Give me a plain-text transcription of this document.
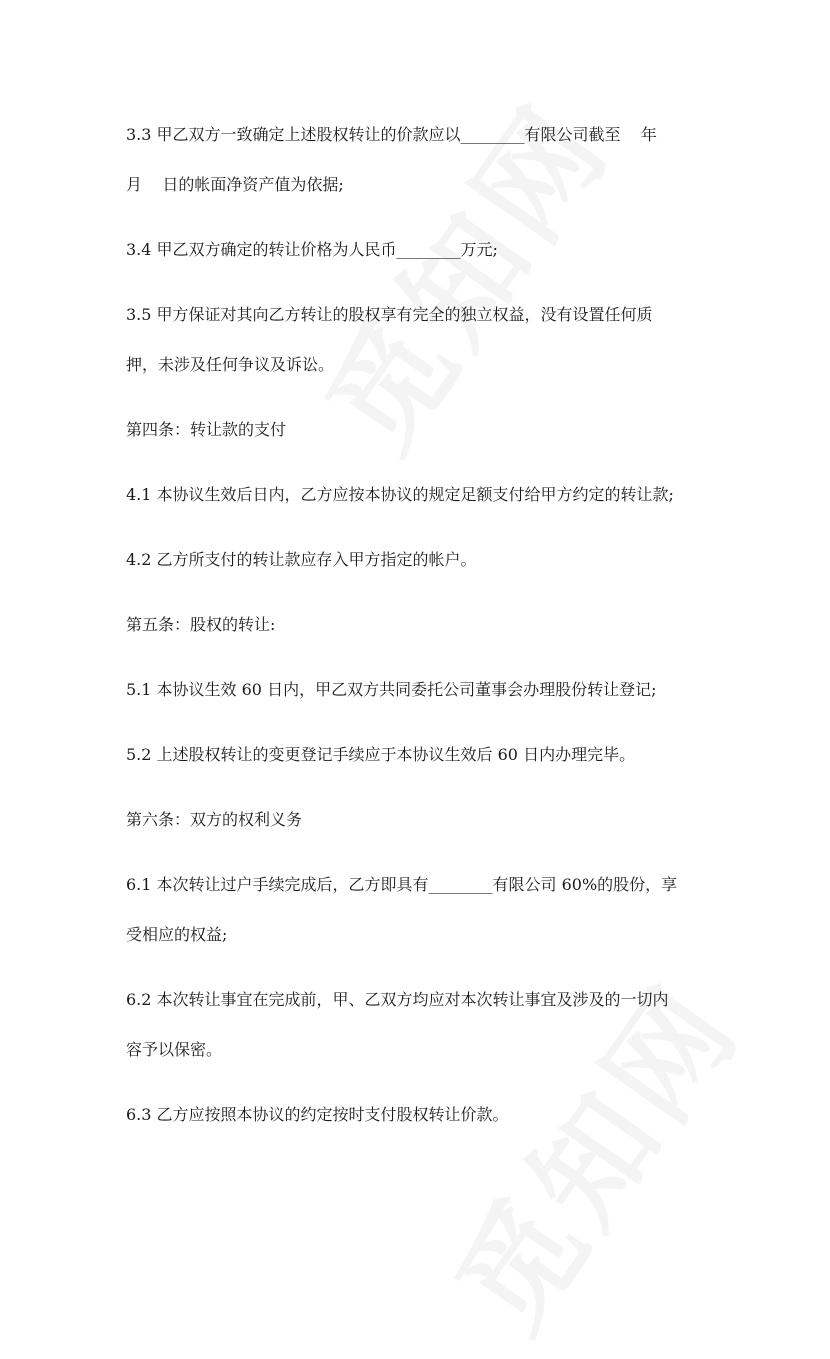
3.3 甲乙双方一致确定上述股权转让的价款应以________有限公司截至    年
月    日的帐面净资产值为依据;

3.4 甲乙双方确定的转让价格为人民币________万元;

3.5 甲方保证对其向乙方转让的股权享有完全的独立权益，没有设置任何质
押，未涉及任何争议及诉讼。

第四条：转让款的支付

4.1 本协议生效后日内，乙方应按本协议的规定足额支付给甲方约定的转让款;

4.2 乙方所支付的转让款应存入甲方指定的帐户。

第五条：股权的转让:

5.1 本协议生效 60 日内，甲乙双方共同委托公司董事会办理股份转让登记;

5.2 上述股权转让的变更登记手续应于本协议生效后 60 日内办理完毕。

第六条：双方的权利义务

6.1 本次转让过户手续完成后，乙方即具有________有限公司 60%的股份，享
受相应的权益;

6.2 本次转让事宜在完成前，甲、乙双方均应对本次转让事宜及涉及的一切内
容予以保密。

6.3 乙方应按照本协议的约定按时支付股权转让价款。
